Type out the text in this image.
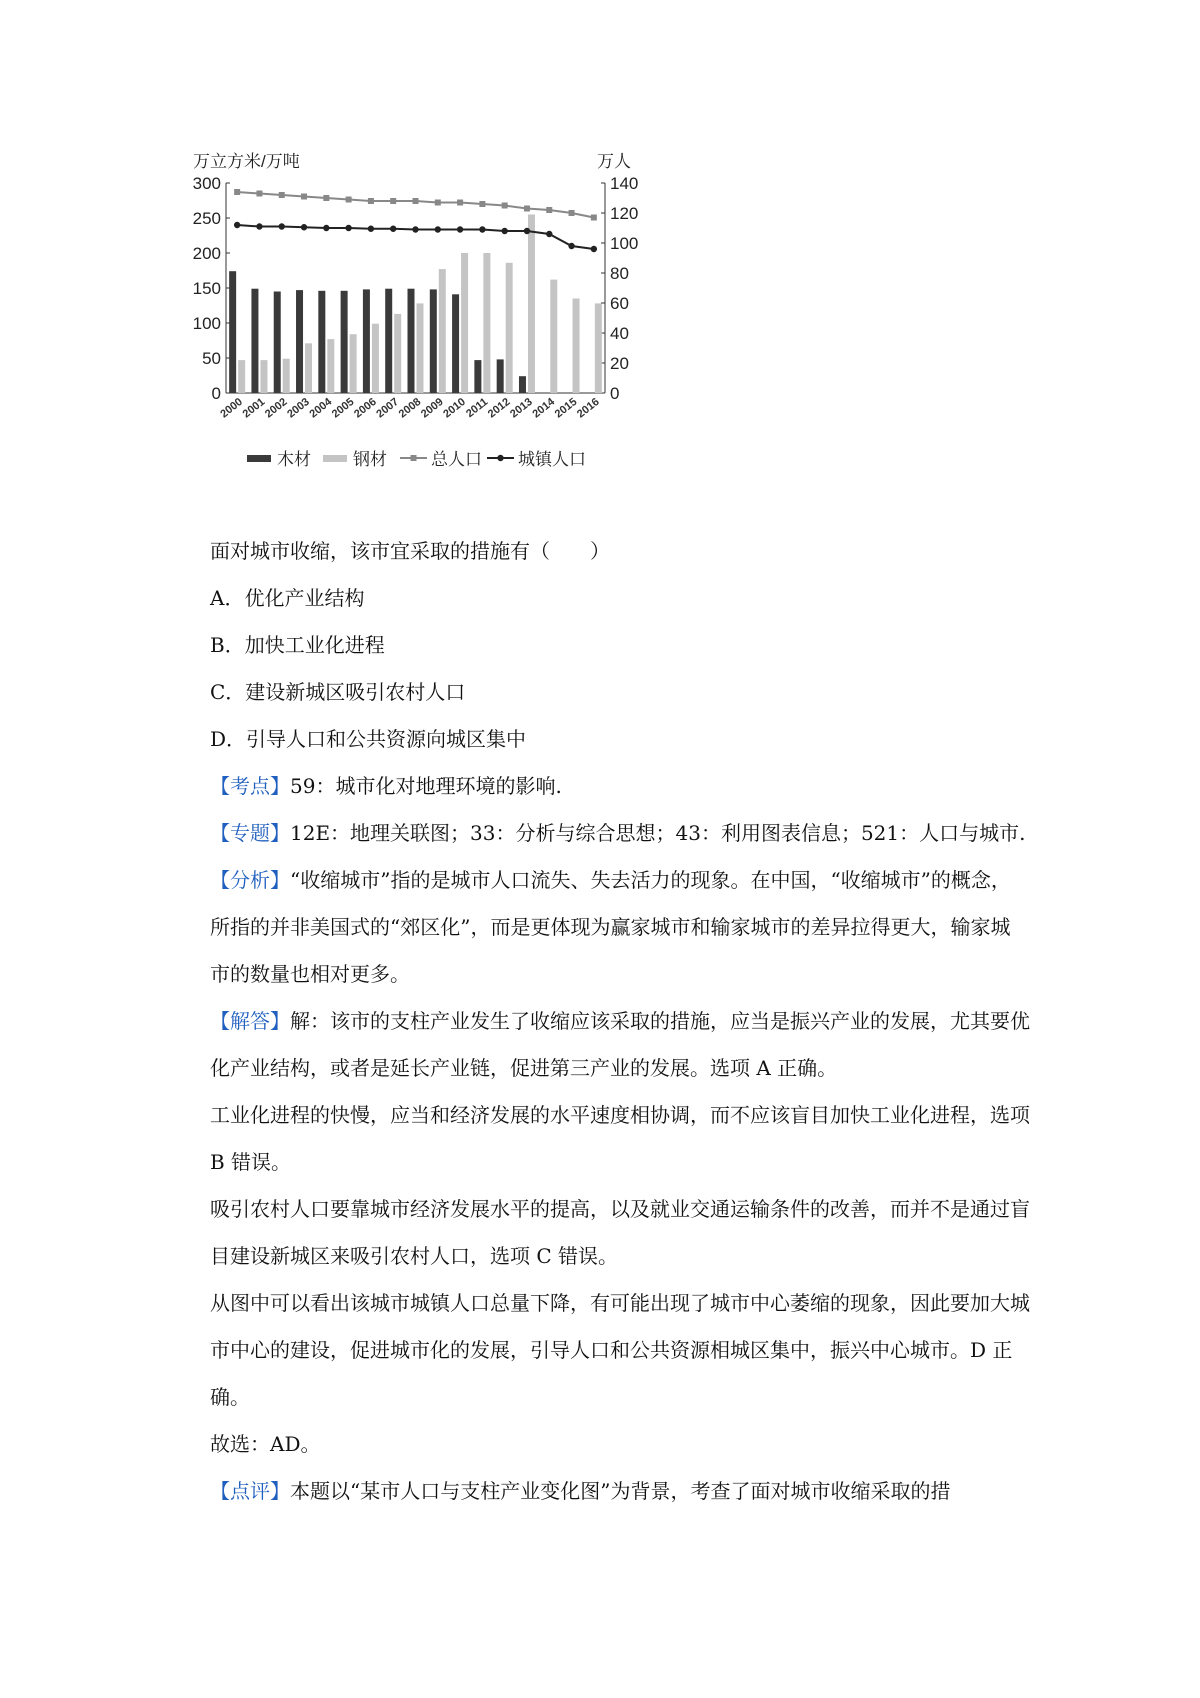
万立方米/万吨	万人
0
50
100
150
200
250
300
0
20
40
60
80
100
120
140
2000
2001
2002
2003
2004
2005
2006
2007
2008
2009
2010
2011
2012
2013
2014
2015
2016
木材 钢材	总人口 城镇人口

面对城市收缩，该市宜采取的措施有（　　）

A．优化产业结构

B．加快工业化进程

C．建设新城区吸引农村人口

D．引导人口和公共资源向城区集中

【考点】59：城市化对地理环境的影响.

【专题】12E：地理关联图；33：分析与综合思想；43：利用图表信息；521：人口与城市.

【分析】“收缩城市”指的是城市人口流失、失去活力的现象。在中国，“收缩城市”的概念，所指的并非美国式的“郊区化”，而是更体现为赢家城市和输家城市的差异拉得更大，输家城市的数量也相对更多。

【解答】解：该市的支柱产业发生了收缩应该采取的措施，应当是振兴产业的发展，尤其要优化产业结构，或者是延长产业链，促进第三产业的发展。选项 A 正确。

工业化进程的快慢，应当和经济发展的水平速度相协调，而不应该盲目加快工业化进程，选项 B 错误。

吸引农村人口要靠城市经济发展水平的提高，以及就业交通运输条件的改善，而并不是通过盲目建设新城区来吸引农村人口，选项 C 错误。

从图中可以看出该城市城镇人口总量下降，有可能出现了城市中心萎缩的现象，因此要加大城市中心的建设，促进城市化的发展，引导人口和公共资源相城区集中，振兴中心城市。D 正确。

故选：AD。

【点评】本题以“某市人口与支柱产业变化图”为背景，考查了面对城市收缩采取的措
